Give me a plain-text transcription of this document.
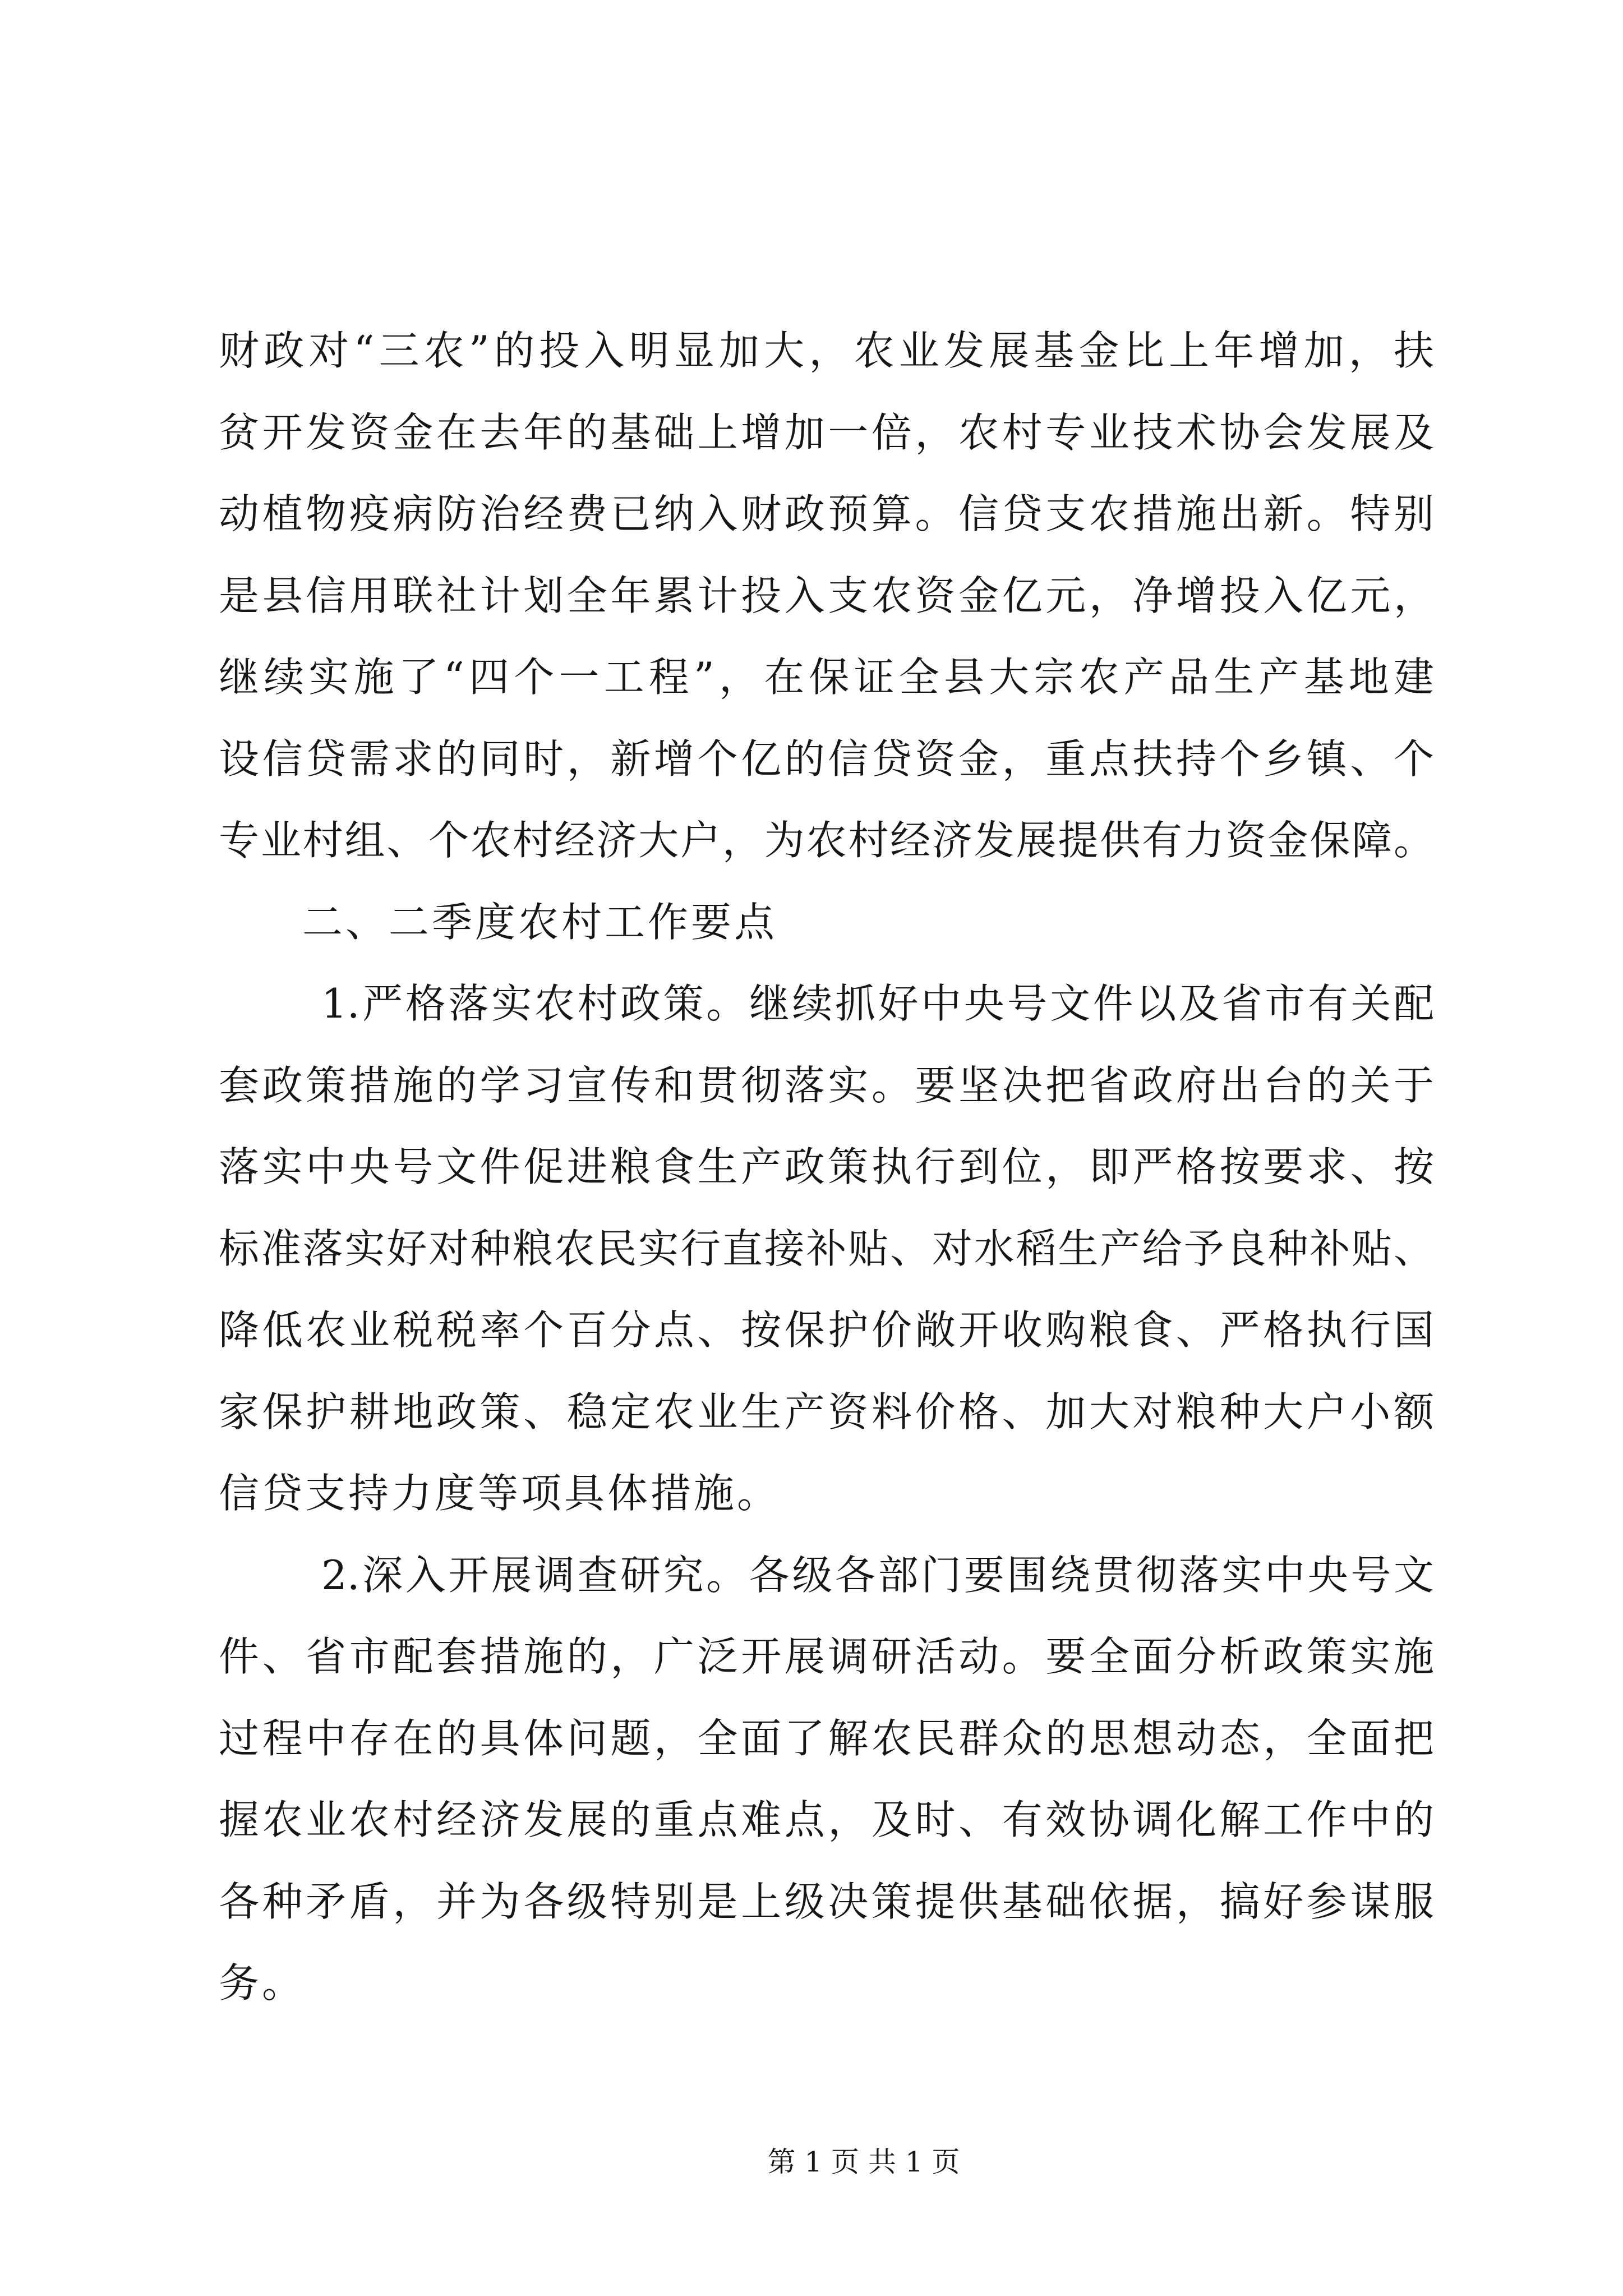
财政对“三农”的投入明显加大，农业发展基金比上年增加，扶
贫开发资金在去年的基础上增加一倍，农村专业技术协会发展及
动植物疫病防治经费已纳入财政预算。信贷支农措施出新。特别
是县信用联社计划全年累计投入支农资金亿元，净增投入亿元，
继续实施了“四个一工程”，在保证全县大宗农产品生产基地建
设信贷需求的同时，新增个亿的信贷资金，重点扶持个乡镇、个
专业村组、个农村经济大户，为农村经济发展提供有力资金保障。
二、二季度农村工作要点
1.严格落实农村政策。继续抓好中央号文件以及省市有关配
套政策措施的学习宣传和贯彻落实。要坚决把省政府出台的关于
落实中央号文件促进粮食生产政策执行到位，即严格按要求、按
标准落实好对种粮农民实行直接补贴、对水稻生产给予良种补贴、
降低农业税税率个百分点、按保护价敞开收购粮食、严格执行国
家保护耕地政策、稳定农业生产资料价格、加大对粮种大户小额
信贷支持力度等项具体措施。
2.深入开展调查研究。各级各部门要围绕贯彻落实中央号文
件、省市配套措施的，广泛开展调研活动。要全面分析政策实施
过程中存在的具体问题，全面了解农民群众的思想动态，全面把
握农业农村经济发展的重点难点，及时、有效协调化解工作中的
各种矛盾，并为各级特别是上级决策提供基础依据，搞好参谋服
务。
第 1 页 共 1 页
